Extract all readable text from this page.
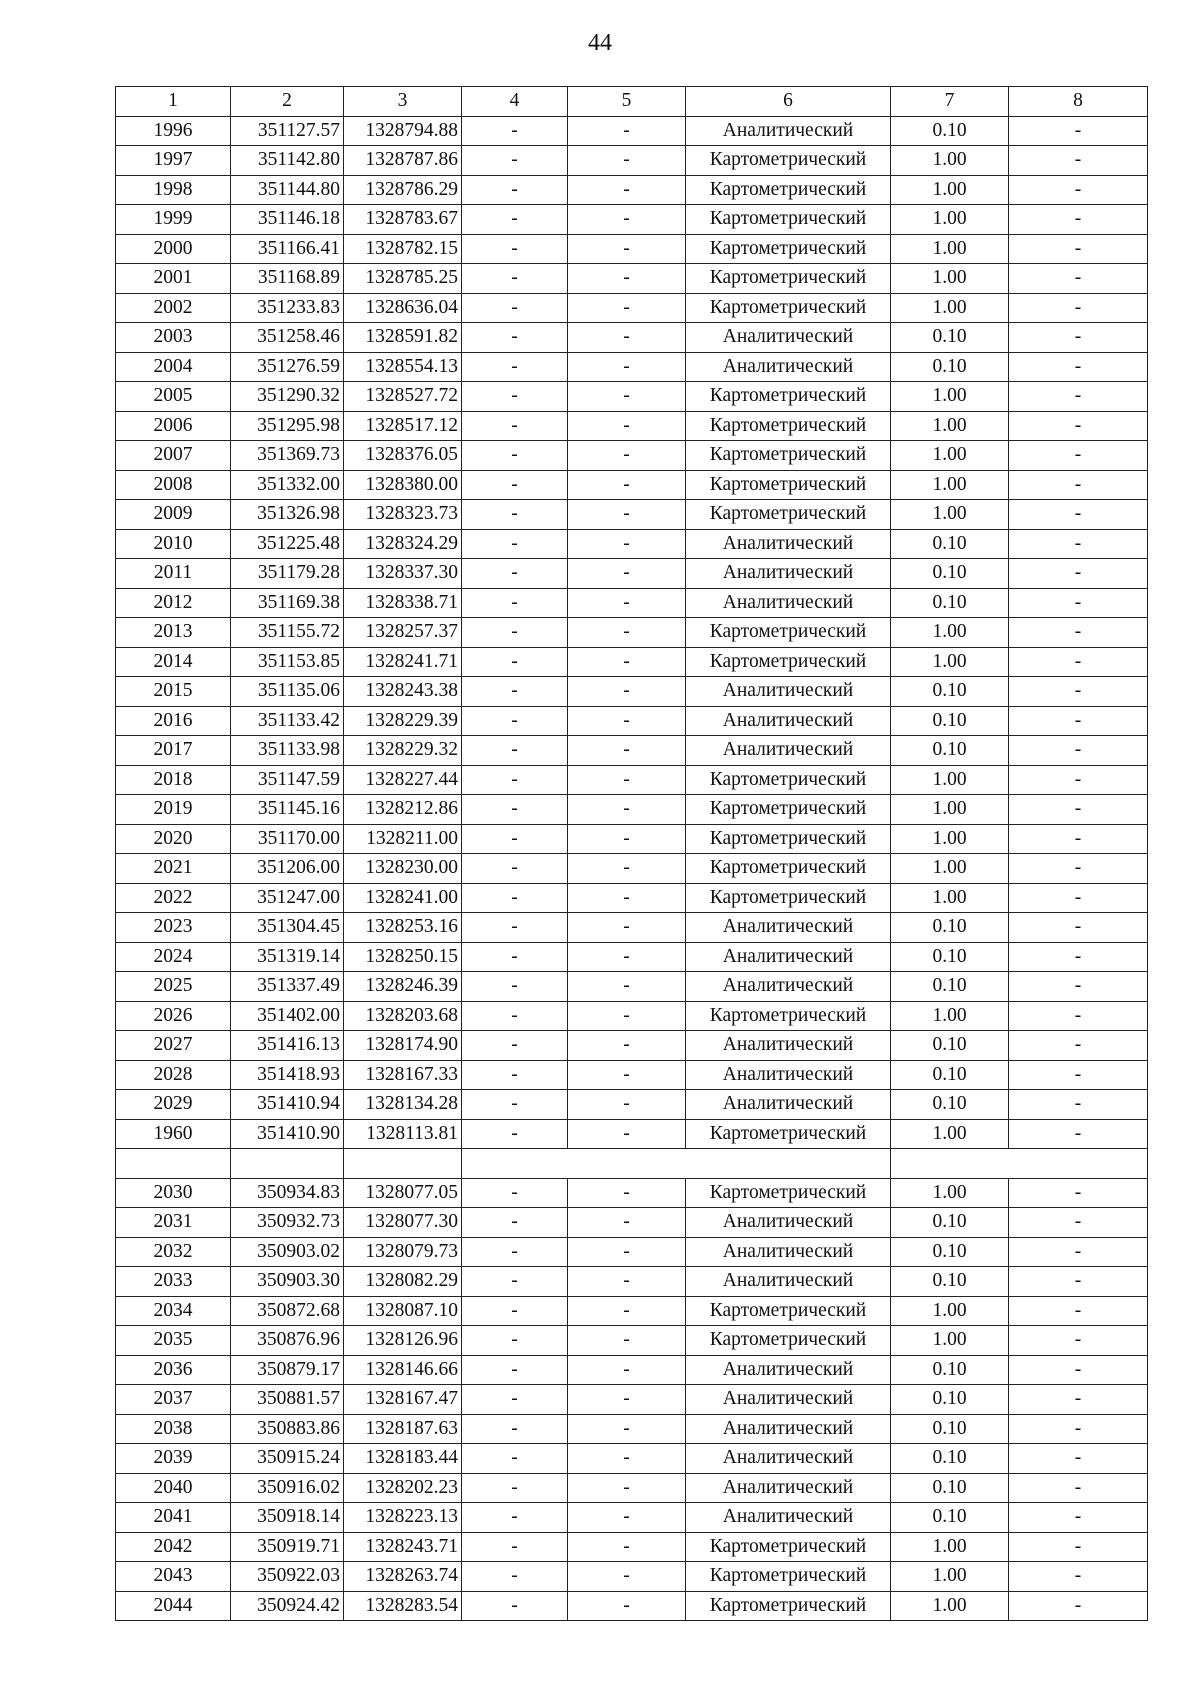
44
1	2	3	4	5	6	7	8
1996	351127.57	1328794.88	-	-	Аналитический	0.10	-
1997	351142.80	1328787.86	-	-	Картометрический	1.00	-
1998	351144.80	1328786.29	-	-	Картометрический	1.00	-
1999	351146.18	1328783.67	-	-	Картометрический	1.00	-
2000	351166.41	1328782.15	-	-	Картометрический	1.00	-
2001	351168.89	1328785.25	-	-	Картометрический	1.00	-
2002	351233.83	1328636.04	-	-	Картометрический	1.00	-
2003	351258.46	1328591.82	-	-	Аналитический	0.10	-
2004	351276.59	1328554.13	-	-	Аналитический	0.10	-
2005	351290.32	1328527.72	-	-	Картометрический	1.00	-
2006	351295.98	1328517.12	-	-	Картометрический	1.00	-
2007	351369.73	1328376.05	-	-	Картометрический	1.00	-
2008	351332.00	1328380.00	-	-	Картометрический	1.00	-
2009	351326.98	1328323.73	-	-	Картометрический	1.00	-
2010	351225.48	1328324.29	-	-	Аналитический	0.10	-
2011	351179.28	1328337.30	-	-	Аналитический	0.10	-
2012	351169.38	1328338.71	-	-	Аналитический	0.10	-
2013	351155.72	1328257.37	-	-	Картометрический	1.00	-
2014	351153.85	1328241.71	-	-	Картометрический	1.00	-
2015	351135.06	1328243.38	-	-	Аналитический	0.10	-
2016	351133.42	1328229.39	-	-	Аналитический	0.10	-
2017	351133.98	1328229.32	-	-	Аналитический	0.10	-
2018	351147.59	1328227.44	-	-	Картометрический	1.00	-
2019	351145.16	1328212.86	-	-	Картометрический	1.00	-
2020	351170.00	1328211.00	-	-	Картометрический	1.00	-
2021	351206.00	1328230.00	-	-	Картометрический	1.00	-
2022	351247.00	1328241.00	-	-	Картометрический	1.00	-
2023	351304.45	1328253.16	-	-	Аналитический	0.10	-
2024	351319.14	1328250.15	-	-	Аналитический	0.10	-
2025	351337.49	1328246.39	-	-	Аналитический	0.10	-
2026	351402.00	1328203.68	-	-	Картометрический	1.00	-
2027	351416.13	1328174.90	-	-	Аналитический	0.10	-
2028	351418.93	1328167.33	-	-	Аналитический	0.10	-
2029	351410.94	1328134.28	-	-	Аналитический	0.10	-
1960	351410.90	1328113.81	-	-	Картометрический	1.00	-

2030	350934.83	1328077.05	-	-	Картометрический	1.00	-
2031	350932.73	1328077.30	-	-	Аналитический	0.10	-
2032	350903.02	1328079.73	-	-	Аналитический	0.10	-
2033	350903.30	1328082.29	-	-	Аналитический	0.10	-
2034	350872.68	1328087.10	-	-	Картометрический	1.00	-
2035	350876.96	1328126.96	-	-	Картометрический	1.00	-
2036	350879.17	1328146.66	-	-	Аналитический	0.10	-
2037	350881.57	1328167.47	-	-	Аналитический	0.10	-
2038	350883.86	1328187.63	-	-	Аналитический	0.10	-
2039	350915.24	1328183.44	-	-	Аналитический	0.10	-
2040	350916.02	1328202.23	-	-	Аналитический	0.10	-
2041	350918.14	1328223.13	-	-	Аналитический	0.10	-
2042	350919.71	1328243.71	-	-	Картометрический	1.00	-
2043	350922.03	1328263.74	-	-	Картометрический	1.00	-
2044	350924.42	1328283.54	-	-	Картометрический	1.00	-
